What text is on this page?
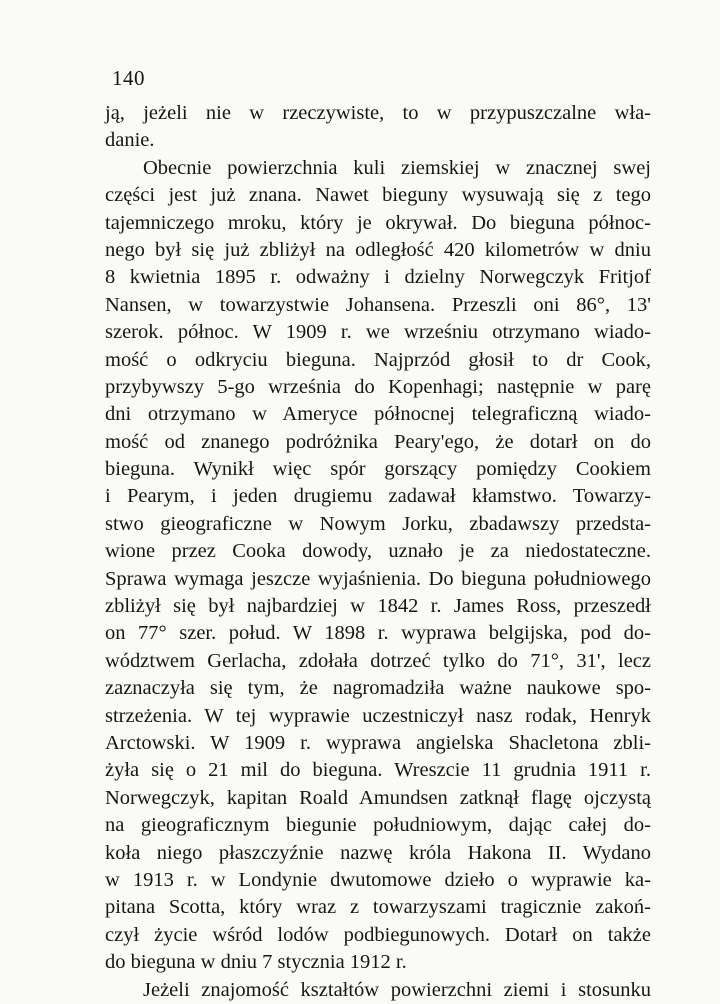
140
ją, jeżeli nie w rzeczywiste, to w przypuszczalne wła-
danie.
Obecnie powierzchnia kuli ziemskiej w znacznej swej
części jest już znana. Nawet bieguny wysuwają się z tego
tajemniczego mroku, który je okrywał. Do bieguna północ-
nego był się już zbliżył na odległość 420 kilometrów w dniu
8 kwietnia 1895 r. odważny i dzielny Norwegczyk Fritjof
Nansen, w towarzystwie Johansena. Przeszli oni 86°, 13'
szerok. północ. W 1909 r. we wrześniu otrzymano wiado-
mość o odkryciu bieguna. Najprzód głosił to dr Cook,
przybywszy 5-go września do Kopenhagi; następnie w parę
dni otrzymano w Ameryce północnej telegraficzną wiado-
mość od znanego podróżnika Peary'ego, że dotarł on do
bieguna. Wynikł więc spór gorszący pomiędzy Cookiem
i Pearym, i jeden drugiemu zadawał kłamstwo. Towarzy-
stwo gieograficzne w Nowym Jorku, zbadawszy przedsta-
wione przez Cooka dowody, uznało je za niedostateczne.
Sprawa wymaga jeszcze wyjaśnienia. Do bieguna południowego
zbliżył się był najbardziej w 1842 r. James Ross, przeszedł
on 77° szer. połud. W 1898 r. wyprawa belgijska, pod do-
wództwem Gerlacha, zdołała dotrzeć tylko do 71°, 31', lecz
zaznaczyła się tym, że nagromadziła ważne naukowe spo-
strzeżenia. W tej wyprawie uczestniczył nasz rodak, Henryk
Arctowski. W 1909 r. wyprawa angielska Shacletona zbli-
żyła się o 21 mil do bieguna. Wreszcie 11 grudnia 1911 r.
Norwegczyk, kapitan Roald Amundsen zatknął flagę ojczystą
na gieograficznym biegunie południowym, dając całej do-
koła niego płaszczyźnie nazwę króla Hakona II. Wydano
w 1913 r. w Londynie dwutomowe dzieło o wyprawie ka-
pitana Scotta, który wraz z towarzyszami tragicznie zakoń-
czył życie wśród lodów podbiegunowych. Dotarł on także
do bieguna w dniu 7 stycznia 1912 r.
Jeżeli znajomość kształtów powierzchni ziemi i stosunku
